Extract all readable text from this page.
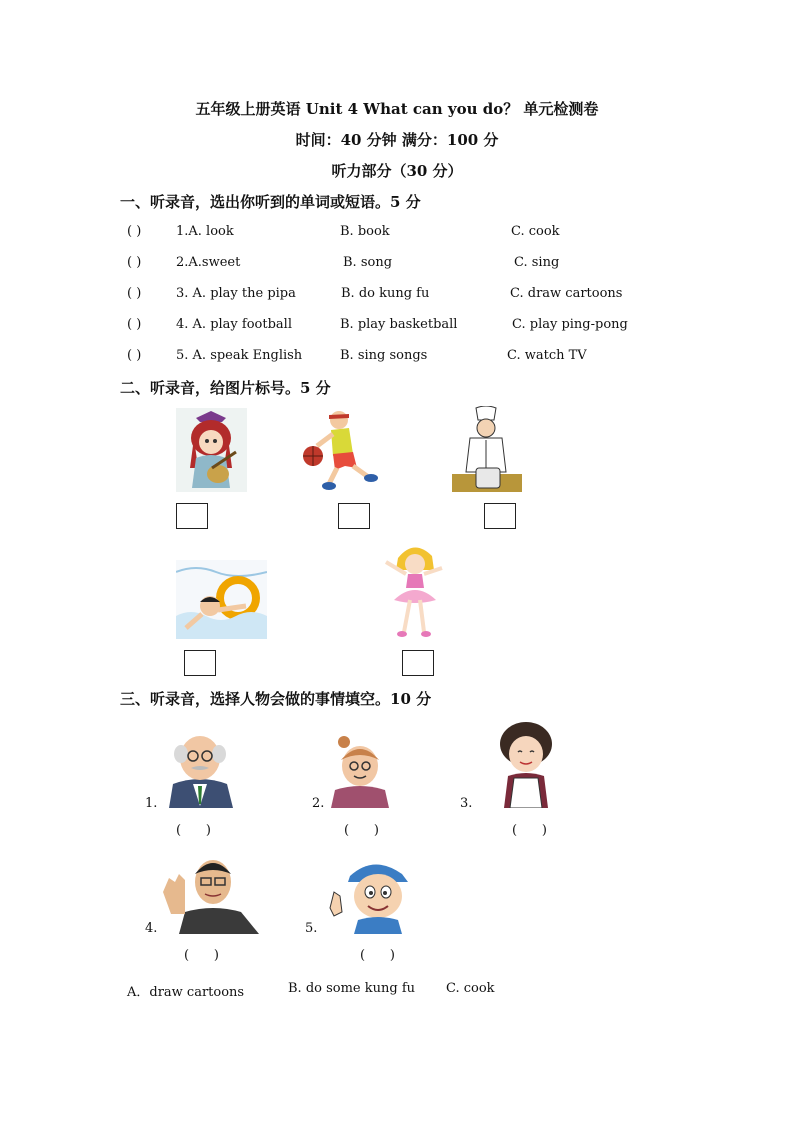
五年级上册英语 Unit 4 What can you do？ 单元检测卷
时间：40 分钟 满分：100 分
听力部分（30 分）
一、听录音，选出你听到的单词或短语。5 分
( )	1.A. look	B. book	C. cook
( )	2.A.sweet	B. song	C. sing
( )	3. A. play the pipa	B. do kung fu	C. draw cartoons
( )	4. A. play football	B. play basketball	C. play ping-pong
( )	5. A. speak English	B. sing songs	C. watch TV
二、听录音，给图片标号。5 分
三、听录音，选择人物会做的事情填空。10 分
1.
(      )
2.
(      )
3.
(      )
4.
(      )
5.
(      )
A．draw cartoons	B. do some kung fu C. cook
